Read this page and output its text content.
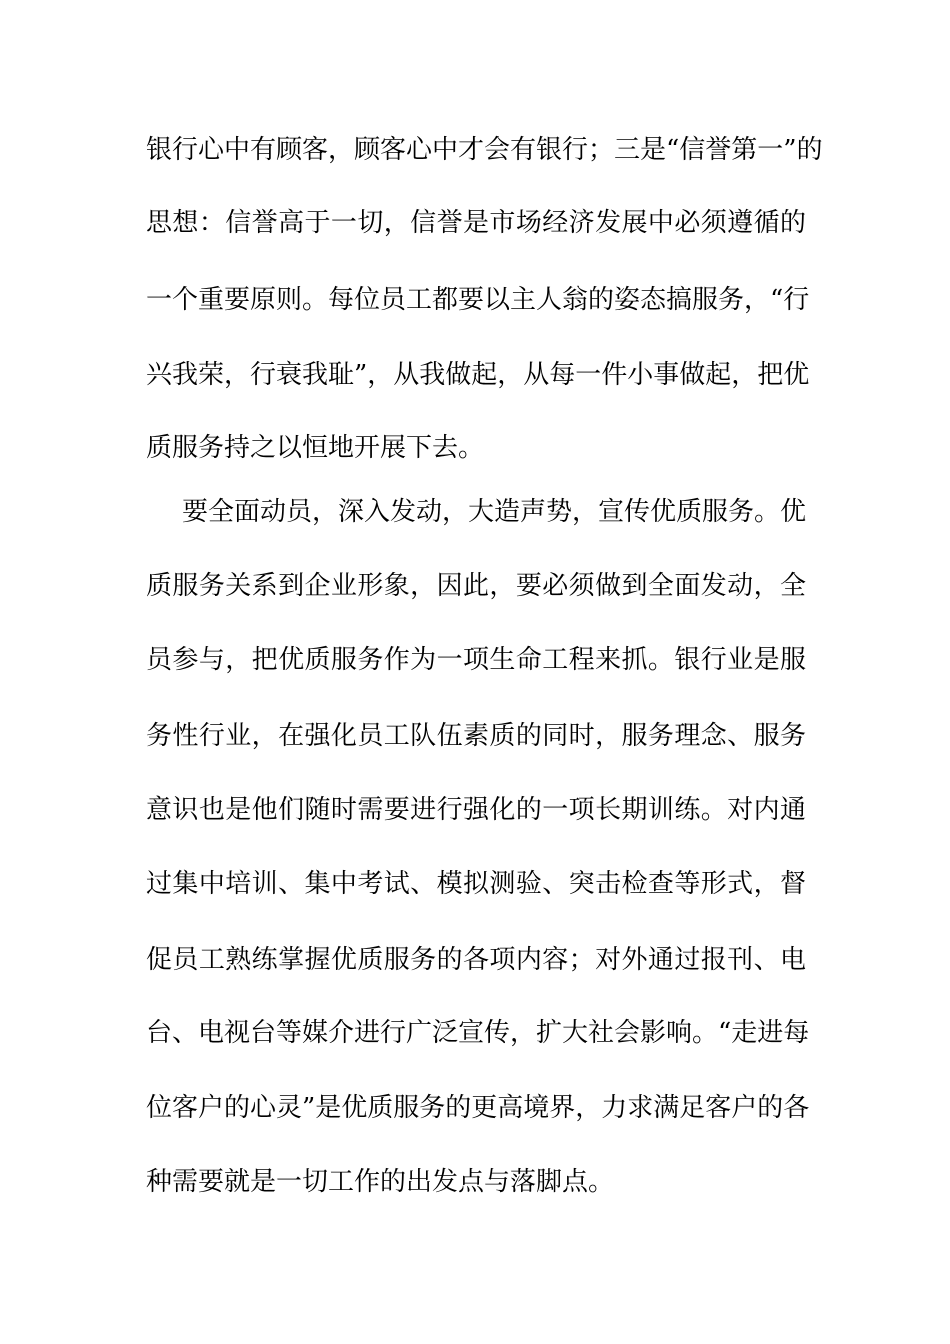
银行心中有顾客，顾客心中才会有银行；三是“信誉第一”的
思想：信誉高于一切，信誉是市场经济发展中必须遵循的
一个重要原则。每位员工都要以主人翁的姿态搞服务，“行
兴我荣，行衰我耻”，从我做起，从每一件小事做起，把优
质服务持之以恒地开展下去。
要全面动员，深入发动，大造声势，宣传优质服务。优
质服务关系到企业形象，因此，要必须做到全面发动，全
员参与，把优质服务作为一项生命工程来抓。银行业是服
务性行业，在强化员工队伍素质的同时，服务理念、服务
意识也是他们随时需要进行强化的一项长期训练。对内通
过集中培训、集中考试、模拟测验、突击检查等形式，督
促员工熟练掌握优质服务的各项内容；对外通过报刊、电
台、电视台等媒介进行广泛宣传，扩大社会影响。“走进每
位客户的心灵”是优质服务的更高境界，力求满足客户的各
种需要就是一切工作的出发点与落脚点。
